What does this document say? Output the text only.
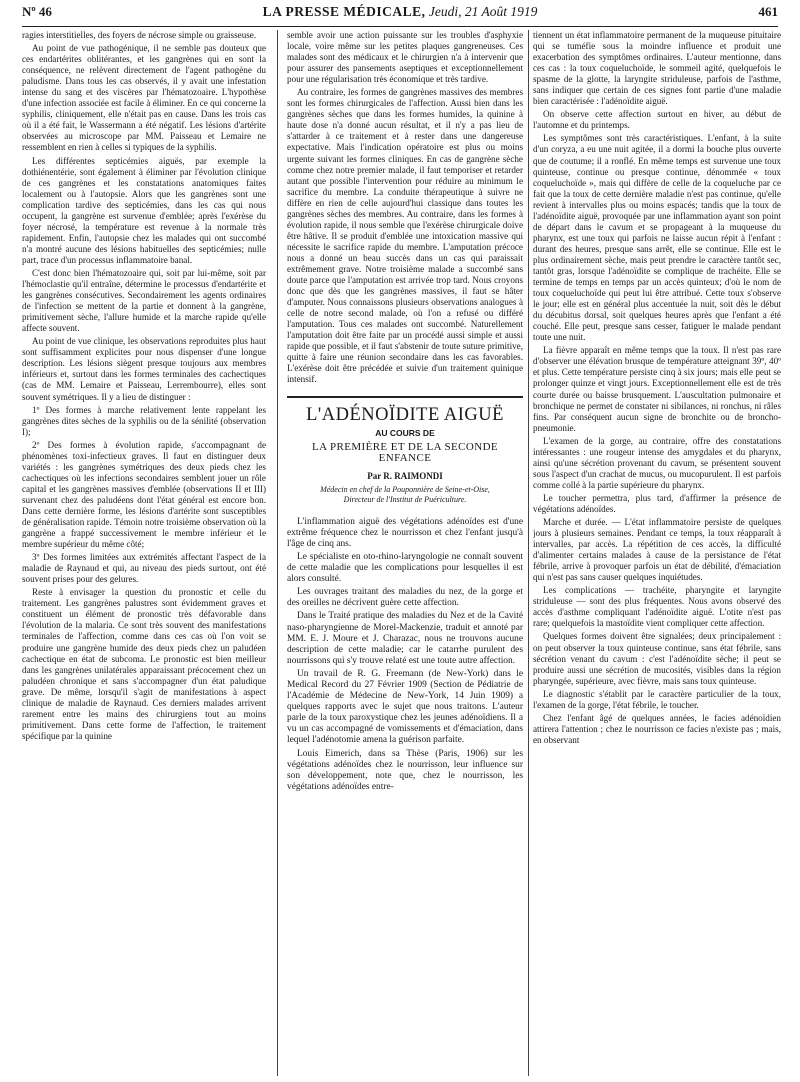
Nº 46	LA PRESSE MÉDICALE, Jeudi, 21 Août 1919	461

ragies interstitielles, des foyers de nécrose simple ou graisseuse.

Au point de vue pathogénique, il ne semble pas douteux que ces endartérites oblitérantes, et les gangrènes qui en sont la conséquence, ne relèvent directement de l'agent pathogène du paludisme. Dans tous les cas observés, il y avait une infestation intense du sang et des viscères par l'hématozoaire. L'hypothèse d'une infection associée est facile à éliminer. En ce qui concerne la syphilis, cliniquement, elle n'était pas en cause. Dans les trois cas où il a été fait, le Wassermann a été négatif. Les lésions d'artérite observées au microscope par MM. Paisseau et Lemaire ne ressemblent en rien à celles si typiques de la syphilis.

Les différentes septicémies aiguës, par exemple la dothiénentérie, sont également à éliminer par l'évolution clinique de ces gangrènes et les constatations anatomiques faites localement ou à l'autopsie. Alors que les gangrènes sont une complication tardive des septicémies, dans les cas qui nous occupent, la gangrène est survenue d'emblée; après l'exérèse du foyer nécrosé, la température est revenue à la normale très rapidement. Enfin, l'autopsie chez les malades qui ont succombé n'a montré aucune des lésions habituelles des septicémies; nulle part, trace d'un processus inflammatoire banal.

C'est donc bien l'hématozoaire qui, soit par lui-même, soit par l'hémoclastie qu'il entraîne, détermine le processus d'endartérite et les gangrènes consécutives. Secondairement les agents ordinaires de l'infection se mettent de la partie et donnent à la gangrène, primitivement sèche, l'allure humide et la marche rapide qu'elle affecte souvent.

Au point de vue clinique, les observations reproduites plus haut sont suffisamment explicites pour nous dispenser d'une longue description. Les lésions siègent presque toujours aux membres inférieurs et, surtout dans les formes terminales des cachectiques (cas de MM. Lemaire et Paisseau, Lerrembourre), elles sont souvent symétriques. Il y a lieu de distinguer :

1º Des formes à marche relativement lente rappelant les gangrènes dites sèches de la syphilis ou de la sénilité (observation I);

2º Des formes à évolution rapide, s'accompagnant de phénomènes toxi-infectieux graves. Il faut en distinguer deux variétés : les gangrènes symétriques des deux pieds chez les cachectiques où les infections secondaires semblent jouer un rôle capital et les gangrènes massives d'emblée (observations II et III) survenant chez des paludéens dont l'état général est encore bon. Dans cette dernière forme, les lésions d'artérite sont susceptibles de généralisation rapide. Témoin notre troisième observation où la gangrène a frappé successivement le membre inférieur et le membre supérieur du même côté;

3º Des formes limitées aux extrémités affectant l'aspect de la maladie de Raynaud et qui, au niveau des pieds surtout, ont été souvent prises pour des gelures.

Reste à envisager la question du pronostic et celle du traitement. Les gangrènes palustres sont évidemment graves et constituent un élément de pronostic très défavorable dans l'évolution de la malaria. Ce sont très souvent des manifestations terminales de l'affection, comme dans ces cas où l'on voit se produire une gangrène humide des deux pieds chez un paludéen cachectique en état de subcoma. Le pronostic est bien meilleur dans les gangrènes unilatérales apparaissant précocement chez un paludéen chronique et sans s'accompagner d'un état paludique grave. De même, lorsqu'il s'agit de manifestations à aspect clinique de maladie de Raynaud. Ces derniers malades arrivent rarement entre les mains des chirurgiens tout au moins primitivement. Dans cette forme de l'affection, le traitement spécifique par la quinine

semble avoir une action puissante sur les troubles d'asphyxie locale, voire même sur les petites plaques gangreneuses. Ces malades sont des médicaux et le chirurgien n'a à intervenir que pour assurer des pansements aseptiques et exceptionnellement pour une régularisation très économique et très tardive.

Au contraire, les formes de gangrènes massives des membres sont les formes chirurgicales de l'affection. Aussi bien dans les gangrènes sèches que dans les formes humides, la quinine à haute dose n'a donné aucun résultat, et il n'y a pas lieu de s'attarder à ce traitement et à rester dans une dangereuse expectative. Mais l'indication opératoire est plus ou moins urgente suivant les formes cliniques. En cas de gangrène sèche comme chez notre premier malade, il faut temporiser et retarder autant que possible l'intervention pour réduire au minimum le sacrifice du membre. La conduite thérapeutique à suivre ne diffère en rien de celle aujourd'hui classique dans toutes les gangrènes sèches des membres. Au contraire, dans les formes à évolution rapide, il nous semble que l'exérèse chirurgicale doive être hâtive. Il se produit d'emblée une intoxication massive qui nécessite le sacrifice rapide du membre. L'amputation précoce nous a donné un beau succès dans un cas qui paraissait extrêmement grave. Notre troisième malade a succombé sans doute parce que l'amputation est arrivée trop tard. Nous croyons donc que dès que les gangrènes massives, il faut se hâter d'amputer. Nous connaissons plusieurs observations analogues à celle de notre second malade, où l'on a refusé ou différé l'amputation. Tous ces malades ont succombé. Naturellement l'amputation doit être faite par un procédé aussi simple et aussi rapide que possible, et il faut s'abstenir de toute suture primitive, quitte à faire une réunion secondaire dans les cas favorables. L'exérèse doit être précédée et suivie d'un traitement quinique intensif.

L'ADÉNOÏDITE AIGUË
AU COURS DE
LA PREMIÈRE ET DE LA SECONDE ENFANCE
Par R. RAIMONDI
Médecin en chef de la Pouponnière de Seine-et-Oise,
Directeur de l'Institut de Puériculture.

L'inflammation aiguë des végétations adénoïdes est d'une extrême fréquence chez le nourrisson et chez l'enfant jusqu'à l'âge de cinq ans.

Le spécialiste en oto-rhino-laryngologie ne connaît souvent de cette maladie que les complications pour lesquelles il est alors consulté.

Les ouvrages traitant des maladies du nez, de la gorge et des oreilles ne décrivent guère cette affection.

Dans le Traité pratique des maladies du Nez et de la Cavité naso-pharyngienne de Morel-Mackenzie, traduit et annoté par MM. E. J. Moure et J. Charazac, nous ne trouvons aucune description de cette maladie; car le catarrhe purulent des nourrissons qui s'y trouve relaté est une toute autre affection.

Un travail de R. G. Freemann (de New-York) dans le Medical Record du 27 Février 1909 (Section de Pédiatrie de l'Académie de Médecine de New-York, 14 Juin 1909) a quelques rapports avec le sujet que nous traitons. L'auteur parle de la toux paroxystique chez les jeunes adénoïdiens. Il a vu un cas accompagné de vomissements et d'émaciation, dans lequel l'adénotomie amena la guérison parfaite.

Louis Eimerich, dans sa Thèse (Paris, 1906) sur les végétations adénoïdes chez le nourrisson, leur influence sur son développement, note que, chez le nourrisson, les végétations adénoïdes entre-

tiennent un état inflammatoire permanent de la muqueuse pituitaire qui se tuméfie sous la moindre influence et produit une exacerbation des symptômes ordinaires. L'auteur mentionne, dans ces cas : la toux coqueluchoïde, le sommeil agité, quelquefois le spasme de la glotte, la laryngite striduleuse, parfois de l'asthme, sans indiquer que certain de ces signes font partie d'une maladie bien caractérisée : l'adénoïdite aiguë.

On observe cette affection surtout en hiver, au début de l'automne et du printemps.

Les symptômes sont très caractéristiques. L'enfant, à la suite d'un coryza, a eu une nuit agitée, il a dormi la bouche plus ouverte que de coutume; il a ronflé. En même temps est survenue une toux quinteuse, continue ou presque continue, dénommée « toux coqueluchoïde », mais qui diffère de celle de la coqueluche par ce fait que la toux de cette dernière maladie n'est pas continue, qu'elle revient à intervalles plus ou moins espacés; tandis que la toux de l'adénoïdite aiguë, provoquée par une inflammation ayant son point de départ dans le cavum et se propageant à la muqueuse du pharynx, est une toux qui parfois ne laisse aucun répit à l'enfant : durant des heures, presque sans arrêt, elle se continue. Elle est le plus ordinairement sèche, mais peut prendre le caractère tantôt sec, tantôt gras, lorsque l'adénoïdite se complique de trachéite. Elle se termine de temps en temps par un accès quinteux; d'où le nom de toux coqueluchoïde qui peut lui être attribué. Cette toux s'observe le jour; elle est en général plus accentuée la nuit, soit dès le début du décubitus dorsal, soit quelques heures après que l'enfant a été couché. Elle peut, presque sans cesser, fatiguer le malade pendant toute une nuit.

La fièvre apparaît en même temps que la toux. Il n'est pas rare d'observer une élévation brusque de température atteignant 39º, 40º et plus. Cette température persiste cinq à six jours; mais elle peut se prolonger quinze et vingt jours. Exceptionnellement elle est de très courte durée ou baisse brusquement. L'auscultation pulmonaire et bronchique ne permet de constater ni sibilances, ni ronchus, ni râles fins. Par conséquent aucun signe de bronchite ou de broncho-pneumonie.

L'examen de la gorge, au contraire, offre des constatations intéressantes : une rougeur intense des amygdales et du pharynx, ainsi qu'une sécrétion provenant du cavum, se présentent souvent sous l'aspect d'un crachat de mucus, ou mucopurulent. Il est parfois comme collé à la partie supérieure du pharynx.

Le toucher permettra, plus tard, d'affirmer la présence de végétations adénoïdes.

Marche et durée. — L'état inflammatoire persiste de quelques jours à plusieurs semaines. Pendant ce temps, la toux réapparaît à intervalles, par accès. La répétition de ces accès, la difficulté d'alimenter certains malades à cause de la persistance de l'état fébrile, arrive à provoquer parfois un état de débilité, d'émaciation qui n'est pas sans causer quelques inquiétudes.

Les complications — trachéite, pharyngite et laryngite striduleuse — sont des plus fréquentes. Nous avons observé des accès d'asthme compliquant l'adénoïdite aiguë. L'otite n'est pas rare; quelquefois la mastoïdite vient compliquer cette affection.

Quelques formes doivent être signalées; deux principalement : on peut observer la toux quinteuse continue, sans état fébrile, sans sécrétion venant du cavum : c'est l'adénoïdite sèche; il peut se produire aussi une sécrétion de mucosités, visibles dans la région pharyngée, supérieure, avec fièvre, mais sans toux quinteuse.

Le diagnostic s'établit par le caractère particulier de la toux, l'examen de la gorge, l'état fébrile, le toucher.

Chez l'enfant âgé de quelques années, le facies adénoïdien attirera l'attention ; chez le nourrisson ce facies n'existe pas ; mais, en observant
